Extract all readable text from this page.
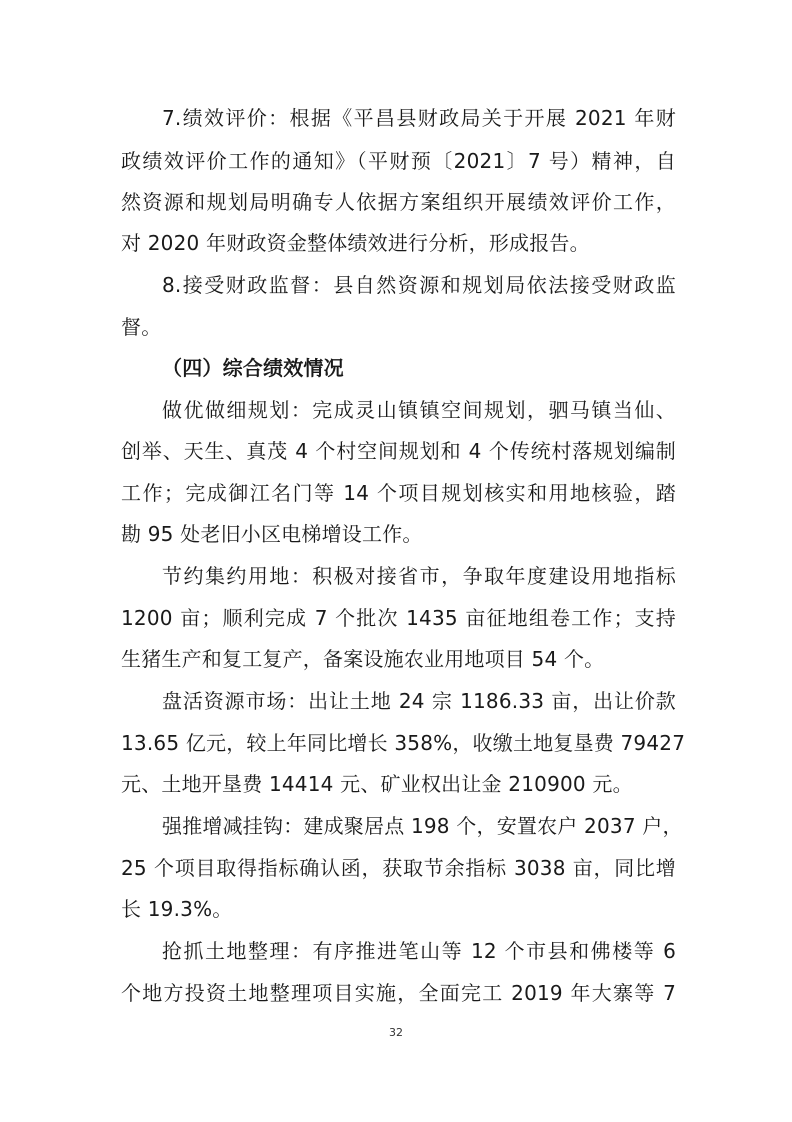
7.绩效评价：根据《平昌县财政局关于开展 2021 年财
政绩效评价工作的通知》（平财预〔2021〕7 号）精神，自
然资源和规划局明确专人依据方案组织开展绩效评价工作，
对 2020 年财政资金整体绩效进行分析，形成报告。
8.接受财政监督：县自然资源和规划局依法接受财政监
督。
（四）综合绩效情况
做优做细规划：完成灵山镇镇空间规划，驷马镇当仙、
创举、天生、真茂 4 个村空间规划和 4 个传统村落规划编制
工作；完成御江名门等 14 个项目规划核实和用地核验，踏
勘 95 处老旧小区电梯增设工作。
节约集约用地：积极对接省市，争取年度建设用地指标
1200 亩；顺利完成 7 个批次 1435 亩征地组卷工作；支持
生猪生产和复工复产，备案设施农业用地项目 54 个。
盘活资源市场：出让土地 24 宗 1186.33 亩，出让价款
13.65 亿元，较上年同比增长 358%，收缴土地复垦费 79427
元、土地开垦费 14414 元、矿业权出让金 210900 元。
强推增减挂钩：建成聚居点 198 个，安置农户 2037 户，
25 个项目取得指标确认函，获取节余指标 3038 亩，同比增
长 19.3%。
抢抓土地整理：有序推进笔山等 12 个市县和佛楼等 6
个地方投资土地整理项目实施，全面完工 2019 年大寨等 7
32
